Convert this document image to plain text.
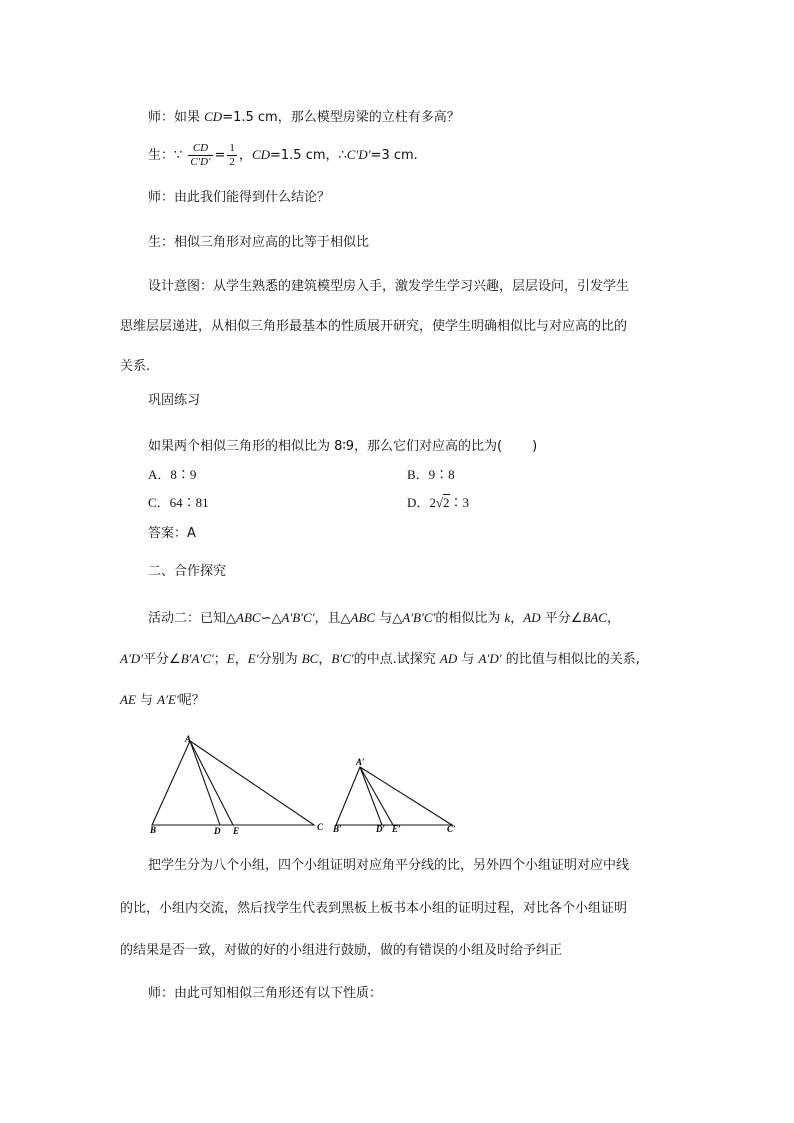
师：如果 CD=1.5 cm，那么模型房梁的立柱有多高？
生：∵ $\frac{CD}{C'D'} = \frac{1}{2}$ ，CD=1.5 cm，∴C′D′=3 cm.
师：由此我们能得到什么结论？
生：相似三角形对应高的比等于相似比
设计意图：从学生熟悉的建筑模型房入手，激发学生学习兴趣，层层设问，引发学生
思维层层递进，从相似三角形最基本的性质展开研究，使学生明确相似比与对应高的比的
关系.
巩固练习
如果两个相似三角形的相似比为 8∶9，那么它们对应高的比为( )
A．8∶9	B．9∶8
C．64∶81	D．2√2∶3
答案：A
二、合作探究
活动二：已知△ABC∽△A′B′C′，且△ABC 与△A′B′C′的相似比为 k，AD 平分∠BAC，
A′D′平分∠B′A′C′；E，E′分别为 BC，B′C′的中点.试探究 AD 与 A′D′ 的比值与相似比的关系,
AE 与 A′E′呢？
A
B	C
D E
A′
B′	C′
D′ E′
把学生分为八个小组，四个小组证明对应角平分线的比，另外四个小组证明对应中线
的比，小组内交流，然后找学生代表到黑板上板书本小组的证明过程，对比各个小组证明
的结果是否一致，对做的好的小组进行鼓励，做的有错误的小组及时给予纠正
师：由此可知相似三角形还有以下性质：
